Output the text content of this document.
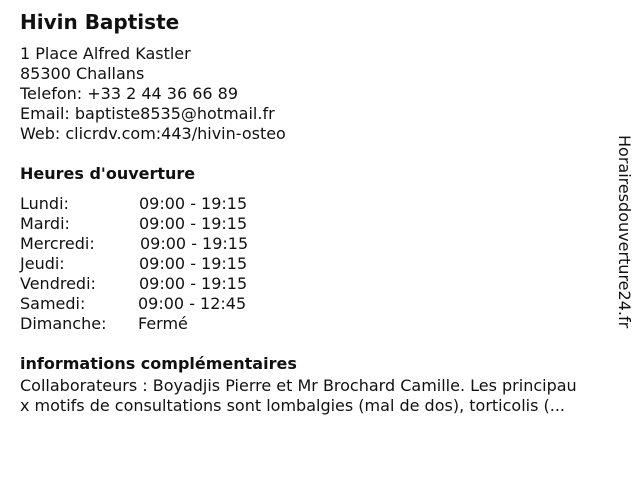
Hivin Baptiste
1 Place Alfred Kastler
85300 Challans
Telefon: +33 2 44 36 66 89
Email: baptiste8535@hotmail.fr
Web: clicrdv.com:443/hivin-osteo
Heures d'ouverture
Lundi:	09:00 - 19:15
Mardi:	09:00 - 19:15
Mercredi:	09:00 - 19:15
Jeudi:	09:00 - 19:15
Vendredi:	09:00 - 19:15
Samedi:	09:00 - 12:45
Dimanche: Fermé
informations complémentaires
Collaborateurs : Boyadjis Pierre et Mr Brochard Camille. Les principau
x motifs de consultations sont lombalgies (mal de dos), torticolis (...
Horairesdouverture24.fr
